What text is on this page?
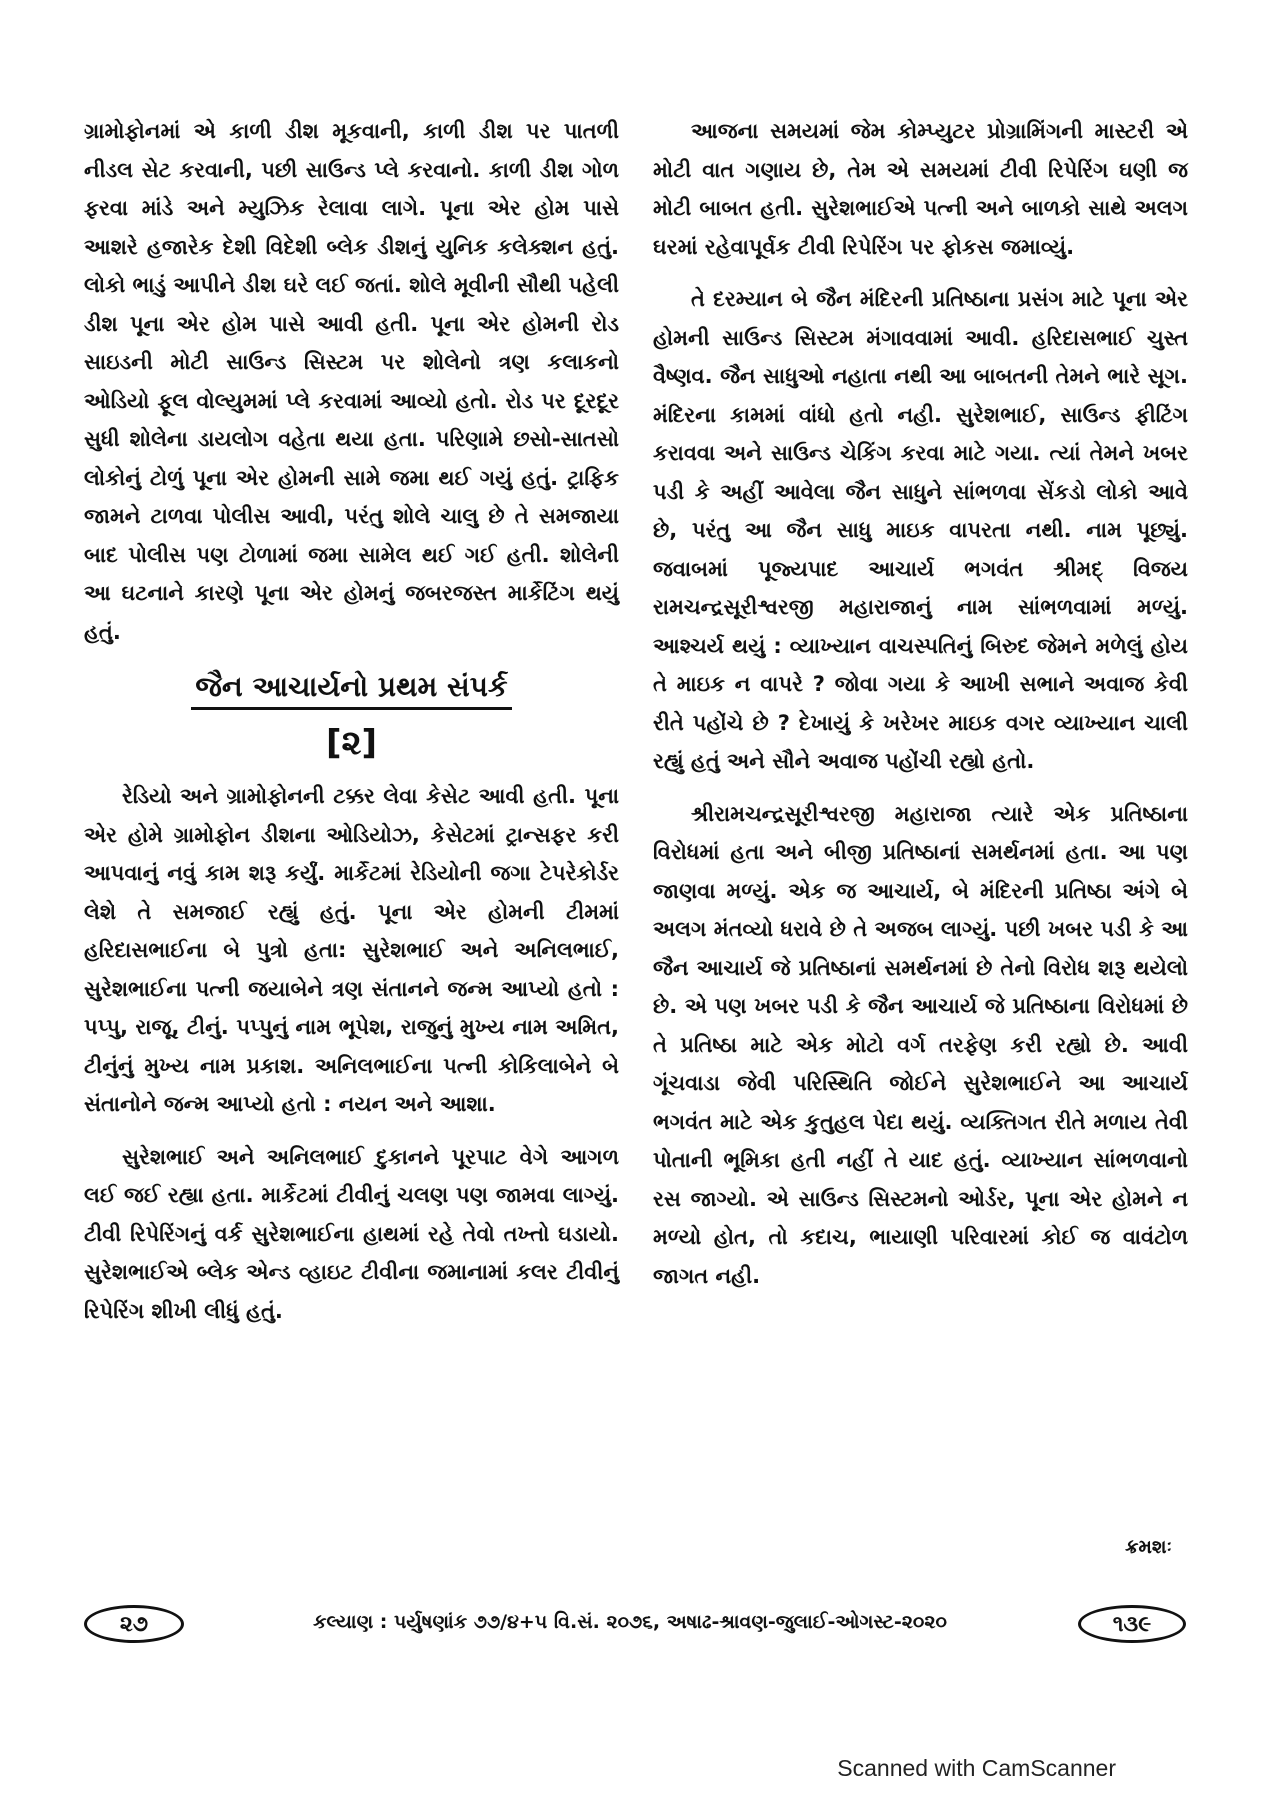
ગ્રામોફોનમાં એ કાળી ડીશ મૂકવાની, કાળી ડીશ પર પાતળી નીડલ સેટ કરવાની, પછી સાઉન્ડ પ્લે કરવાનો. કાળી ડીશ ગોળ ફરવા માંડે અને મ્યુઝિક રેલાવા લાગે. પૂના એર હોમ પાસે આશરે હજારેક દેશી વિદેશી બ્લેક ડીશનું યુનિક કલેક્શન હતું. લોકો ભાડું આપીને ડીશ ઘરે લઈ જતાં. શોલે મૂવીની સૌથી પહેલી ડીશ પૂના એર હોમ પાસે આવી હતી. પૂના એર હોમની રોડ સાઇડની મોટી સાઉન્ડ સિસ્ટમ પર શોલેનો ત્રણ કલાકનો ઓડિયો ફૂલ વોલ્યુમમાં પ્લે કરવામાં આવ્યો હતો. રોડ પર દૂરદૂર સુધી શોલેના ડાયલોગ વહેતા થયા હતા. પરિણામે છસો-સાતસો લોકોનું ટોળું પૂના એર હોમની સામે જમા થઈ ગયું હતું. ટ્રાફિક જામને ટાળવા પોલીસ આવી, પરંતુ શોલે ચાલુ છે તે સમજાયા બાદ પોલીસ પણ ટોળામાં જમા સામેલ થઈ ગઈ હતી. શોલેની આ ઘટનાને કારણે પૂના એર હોમનું જબરજસ્ત માર્કેટિંગ થયું હતું.

જૈન આચાર્યનો પ્રથમ સંપર્ક
[૨]

રેડિયો અને ગ્રામોફોનની ટક્કર લેવા કેસેટ આવી હતી. પૂના એર હોમે ગ્રામોફોન ડીશના ઓડિયોઝ, કેસેટમાં ટ્રાન્સફર કરી આપવાનું નવું કામ શરૂ કર્યું. માર્કેટમાં રેડિયોની જગા ટેપરેકોર્ડર લેશે તે સમજાઈ રહ્યું હતું. પૂના એર હોમની ટીમમાં હરિદાસભાઈના બે પુત્રો હતા: સુરેશભાઈ અને અનિલભાઈ, સુરેશભાઈના પત્ની જયાબેને ત્રણ સંતાનને જન્મ આપ્યો હતો : પપ્પુ, રાજૂ, ટીનું. પપ્પુનું નામ ભૂપેશ, રાજુનું મુખ્ય નામ અમિત, ટીનુંનું મુખ્ય નામ પ્રકાશ. અનિલભાઈના પત્ની કોકિલાબેને બે સંતાનોને જન્મ આપ્યો હતો : નયન અને આશા.

સુરેશભાઈ અને અનિલભાઈ દુકાનને પૂરપાટ વેગે આગળ લઈ જઈ રહ્યા હતા. માર્કેટમાં ટીવીનું ચલણ પણ જામવા લાગ્યું. ટીવી રિપેરિંગનું વર્ક સુરેશભાઈના હાથમાં રહે તેવો તખ્તો ઘડાયો. સુરેશભાઈએ બ્લેક એન્ડ વ્હાઇટ ટીવીના જમાનામાં કલર ટીવીનું રિપેરિંગ શીખી લીધું હતું.

આજના સમયમાં જેમ કોમ્પ્યુટર પ્રોગ્રામિંગની માસ્ટરી એ મોટી વાત ગણાય છે, તેમ એ સમયમાં ટીવી રિપેરિંગ ઘણી જ મોટી બાબત હતી. સુરેશભાઈએ પત્ની અને બાળકો સાથે અલગ ઘરમાં રહેવાપૂર્વક ટીવી રિપેરિંગ પર ફોકસ જમાવ્યું.

તે દરમ્યાન બે જૈન મંદિરની પ્રતિષ્ઠાના પ્રસંગ માટે પૂના એર હોમની સાઉન્ડ સિસ્ટમ મંગાવવામાં આવી. હરિદાસભાઈ ચુસ્ત વૈષ્ણવ. જૈન સાધુઓ નહાતા નથી આ બાબતની તેમને ભારે સૂગ. મંદિરના કામમાં વાંધો હતો નહી. સુરેશભાઈ, સાઉન્ડ ફીટિંગ કરાવવા અને સાઉન્ડ ચેકિંગ કરવા માટે ગયા. ત્યાં તેમને ખબર પડી કે અહીં આવેલા જૈન સાધુને સાંભળવા સેંકડો લોકો આવે છે, પરંતુ આ જૈન સાધુ માઇક વાપરતા નથી. નામ પૂછ્યું. જવાબમાં પૂજ્યપાદ આચાર્ય ભગવંત શ્રીમદ્ વિજય રામચન્દ્રસૂરીશ્વરજી મહારાજાનું નામ સાંભળવામાં મળ્યું. આશ્ચર્ય થયું : વ્યાખ્યાન વાચસ્પતિનું બિરુદ જેમને મળેલું હોય તે માઇક ન વાપરે ? જોવા ગયા કે આખી સભાને અવાજ કેવી રીતે પહોંચે છે ? દેખાયું કે ખરેખર માઇક વગર વ્યાખ્યાન ચાલી રહ્યું હતું અને સૌને અવાજ પહોંચી રહ્યો હતો.

શ્રીરામચન્દ્રસૂરીશ્વરજી મહારાજા ત્યારે એક પ્રતિષ્ઠાના વિરોધમાં હતા અને બીજી પ્રતિષ્ઠાનાં સમર્થનમાં હતા. આ પણ જાણવા મળ્યું. એક જ આચાર્ય, બે મંદિરની પ્રતિષ્ઠા અંગે બે અલગ મંતવ્યો ધરાવે છે તે અજબ લાગ્યું. પછી ખબર પડી કે આ જૈન આચાર્ય જે પ્રતિષ્ઠાનાં સમર્થનમાં છે તેનો વિરોધ શરૂ થયેલો છે. એ પણ ખબર પડી કે જૈન આચાર્ય જે પ્રતિષ્ઠાના વિરોધમાં છે તે પ્રતિષ્ઠા માટે એક મોટો વર્ગ તરફેણ કરી રહ્યો છે. આવી ગૂંચવાડા જેવી પરિસ્થિતિ જોઈને સુરેશભાઈને આ આચાર્ય ભગવંત માટે એક કુતુહલ પેદા થયું. વ્યક્તિગત રીતે મળાય તેવી પોતાની ભૂમિકા હતી નહીં તે યાદ હતું. વ્યાખ્યાન સાંભળવાનો રસ જાગ્યો. એ સાઉન્ડ સિસ્ટમનો ઓર્ડર, પૂના એર હોમને ન મળ્યો હોત, તો કદાચ, ભાયાણી પરિવારમાં કોઈ જ વાવંટોળ જાગત નહી.

ક્રમશઃ
૨૭	કલ્યાણ : પર્યુષણાંક ૭૭/૪+૫ વિ.સં. ૨૦૭૬, અષાઢ-શ્રાવણ-જુલાઈ-ઓગસ્ટ-૨૦૨૦	૧૩૯
Scanned with CamScanner
